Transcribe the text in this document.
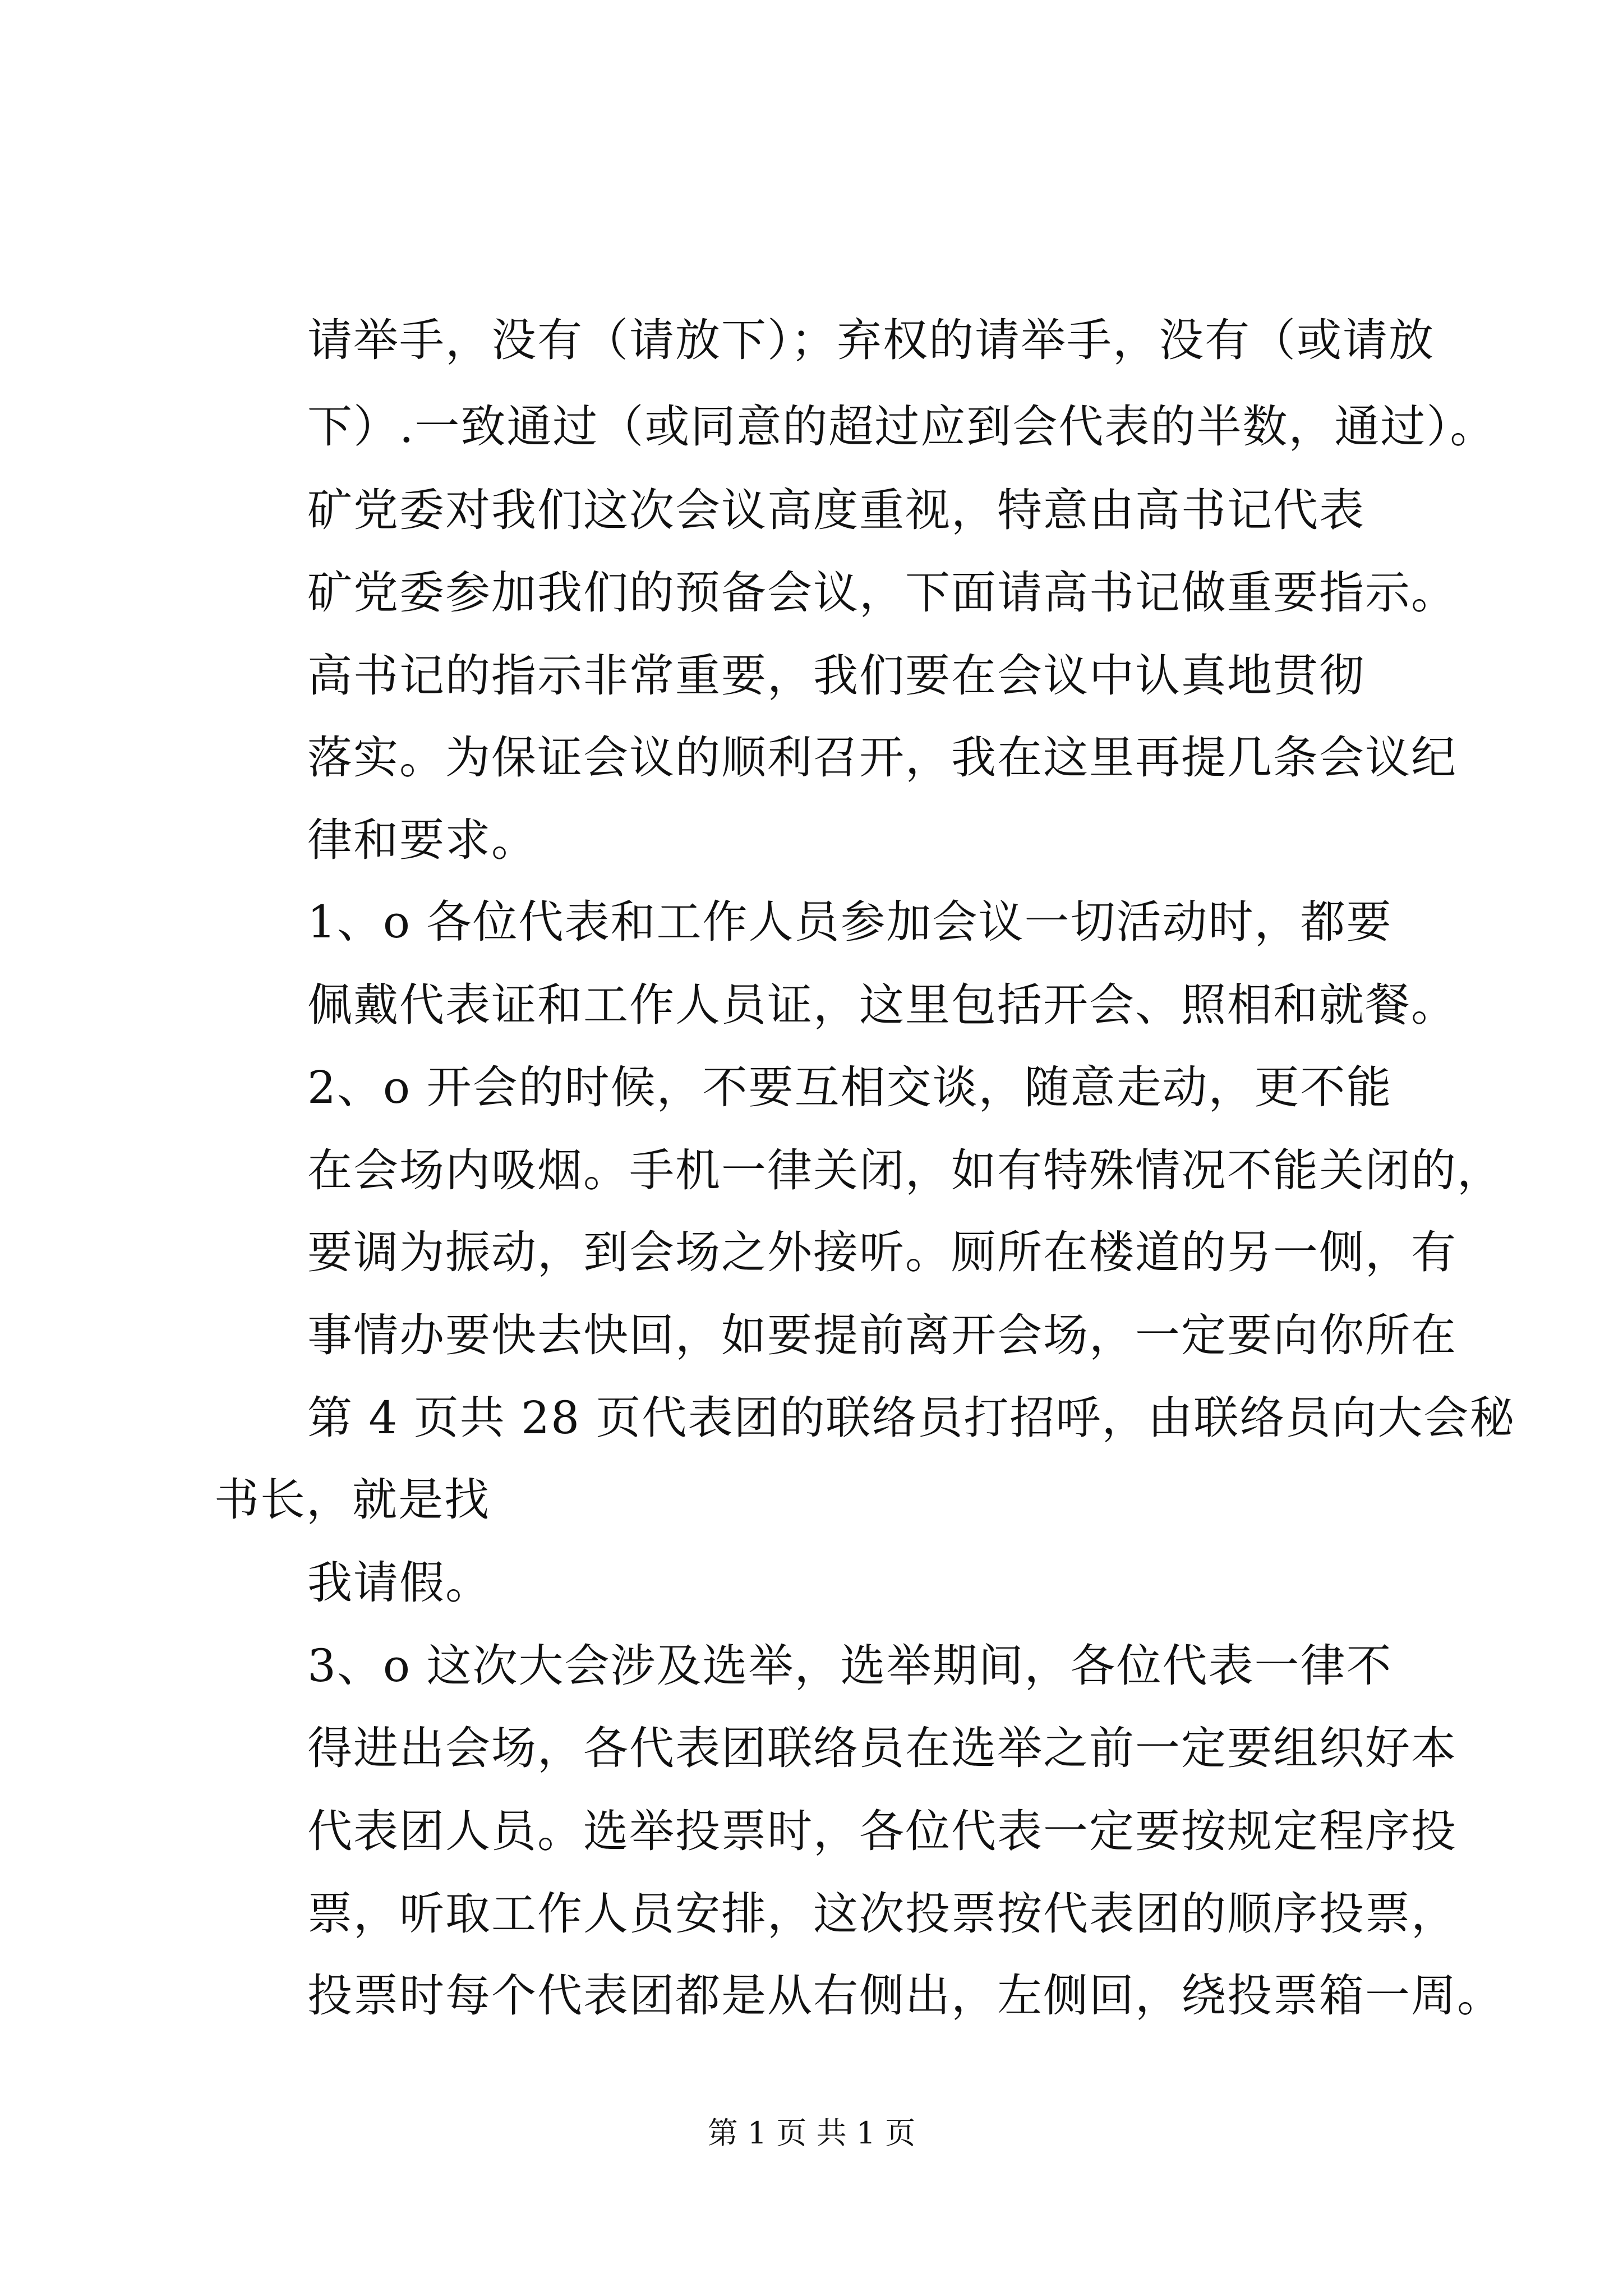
请举手，没有（请放下）；弃权的请举手，没有（或请放
下）.一致通过（或同意的超过应到会代表的半数，通过）。
矿党委对我们这次会议高度重视，特意由高书记代表
矿党委参加我们的预备会议，下面请高书记做重要指示。
高书记的指示非常重要，我们要在会议中认真地贯彻
落实。为保证会议的顺利召开，我在这里再提几条会议纪
律和要求。
1、o 各位代表和工作人员参加会议一切活动时，都要
佩戴代表证和工作人员证，这里包括开会、照相和就餐。
2、o 开会的时候，不要互相交谈，随意走动，更不能
在会场内吸烟。手机一律关闭，如有特殊情况不能关闭的，
要调为振动，到会场之外接听。厕所在楼道的另一侧，有
事情办要快去快回，如要提前离开会场，一定要向你所在
第 4 页共 28 页代表团的联络员打招呼，由联络员向大会秘
书长，就是找
我请假。
3、o 这次大会涉及选举，选举期间，各位代表一律不
得进出会场，各代表团联络员在选举之前一定要组织好本
代表团人员。选举投票时，各位代表一定要按规定程序投
票，听取工作人员安排，这次投票按代表团的顺序投票，
投票时每个代表团都是从右侧出，左侧回，绕投票箱一周。
第 1 页 共 1 页
